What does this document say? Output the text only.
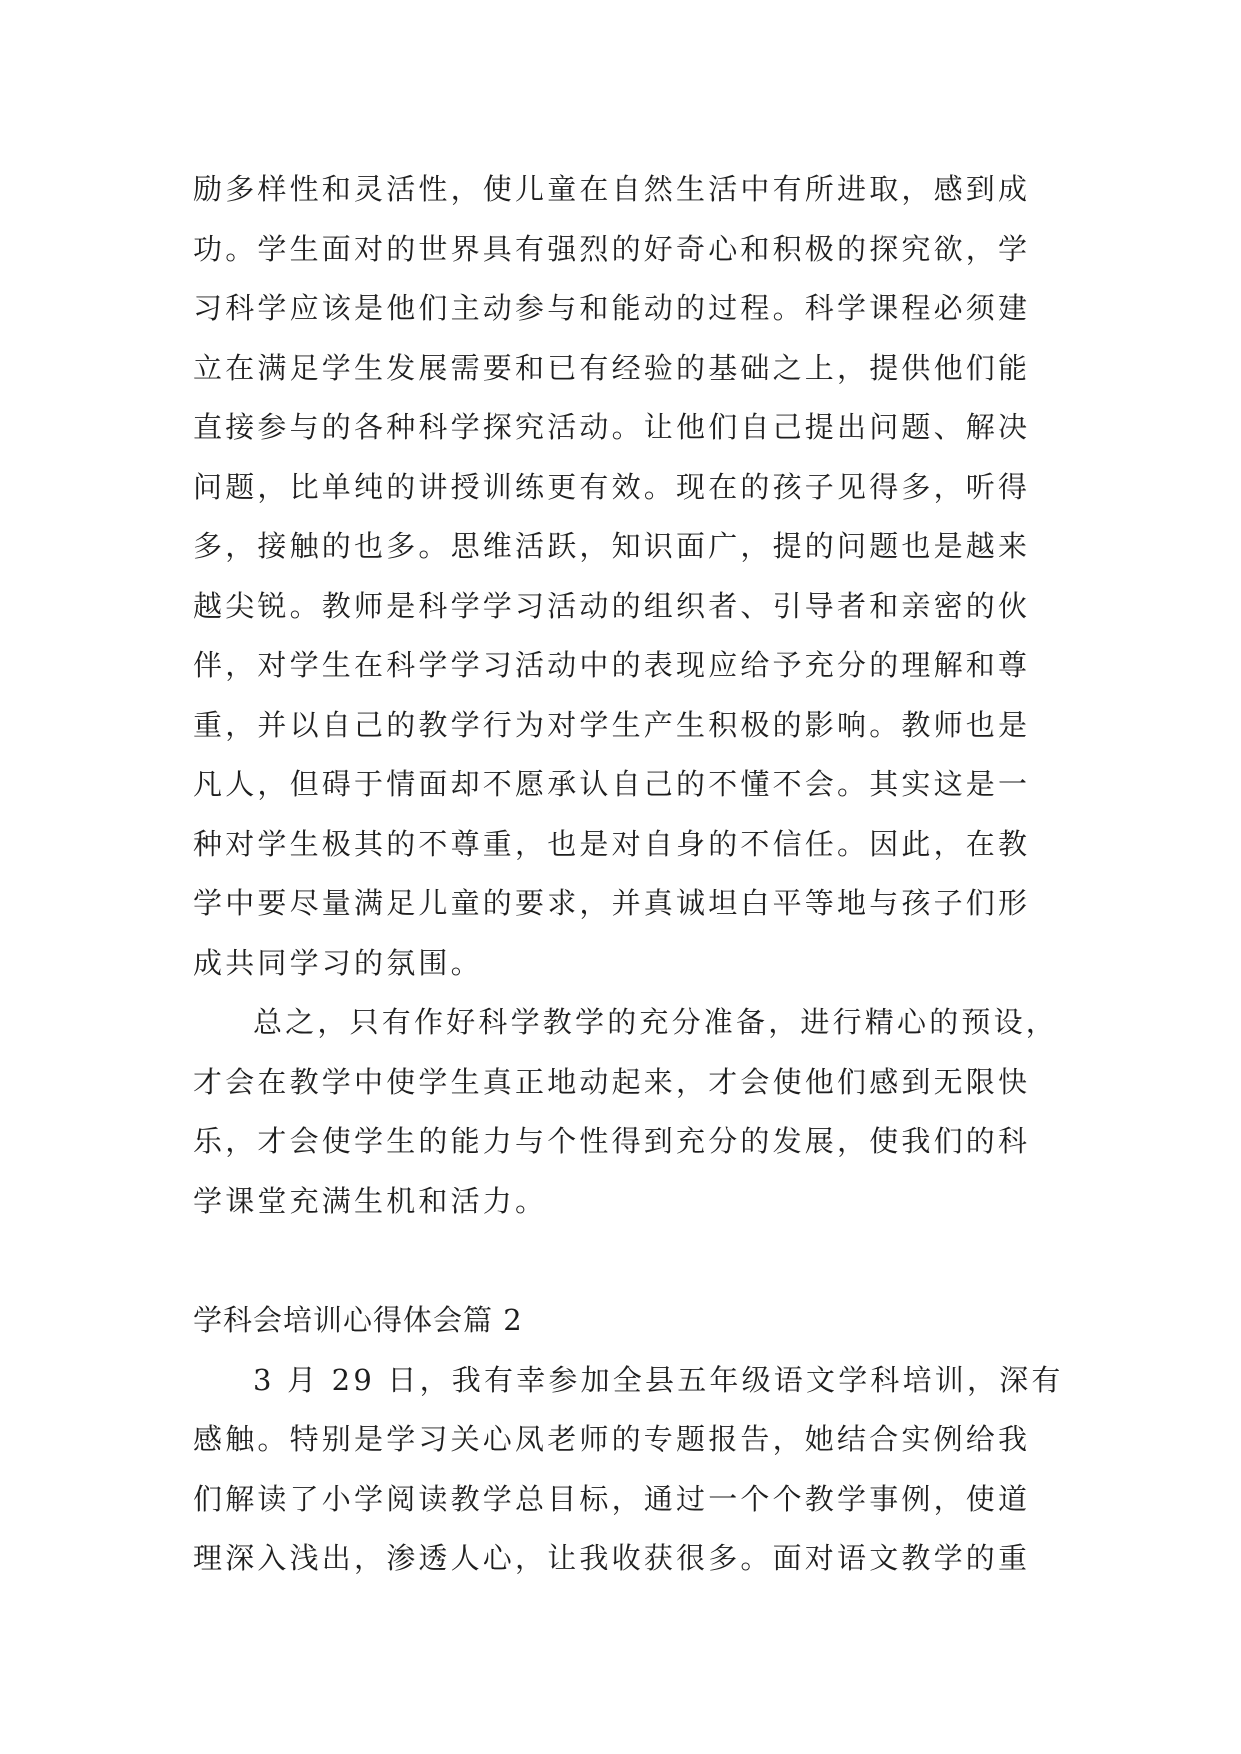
励多样性和灵活性，使儿童在自然生活中有所进取，感到成
功。学生面对的世界具有强烈的好奇心和积极的探究欲，学
习科学应该是他们主动参与和能动的过程。科学课程必须建
立在满足学生发展需要和已有经验的基础之上，提供他们能
直接参与的各种科学探究活动。让他们自己提出问题、解决
问题，比单纯的讲授训练更有效。现在的孩子见得多，听得
多，接触的也多。思维活跃，知识面广，提的问题也是越来
越尖锐。教师是科学学习活动的组织者、引导者和亲密的伙
伴，对学生在科学学习活动中的表现应给予充分的理解和尊
重，并以自己的教学行为对学生产生积极的影响。教师也是
凡人，但碍于情面却不愿承认自己的不懂不会。其实这是一
种对学生极其的不尊重，也是对自身的不信任。因此，在教
学中要尽量满足儿童的要求，并真诚坦白平等地与孩子们形
成共同学习的氛围。
总之，只有作好科学教学的充分准备，进行精心的预设，
才会在教学中使学生真正地动起来，才会使他们感到无限快
乐，才会使学生的能力与个性得到充分的发展，使我们的科
学课堂充满生机和活力。
学科会培训心得体会篇 2
3 月 29 日，我有幸参加全县五年级语文学科培训，深有
感触。特别是学习关心凤老师的专题报告，她结合实例给我
们解读了小学阅读教学总目标，通过一个个教学事例，使道
理深入浅出，渗透人心，让我收获很多。面对语文教学的重
